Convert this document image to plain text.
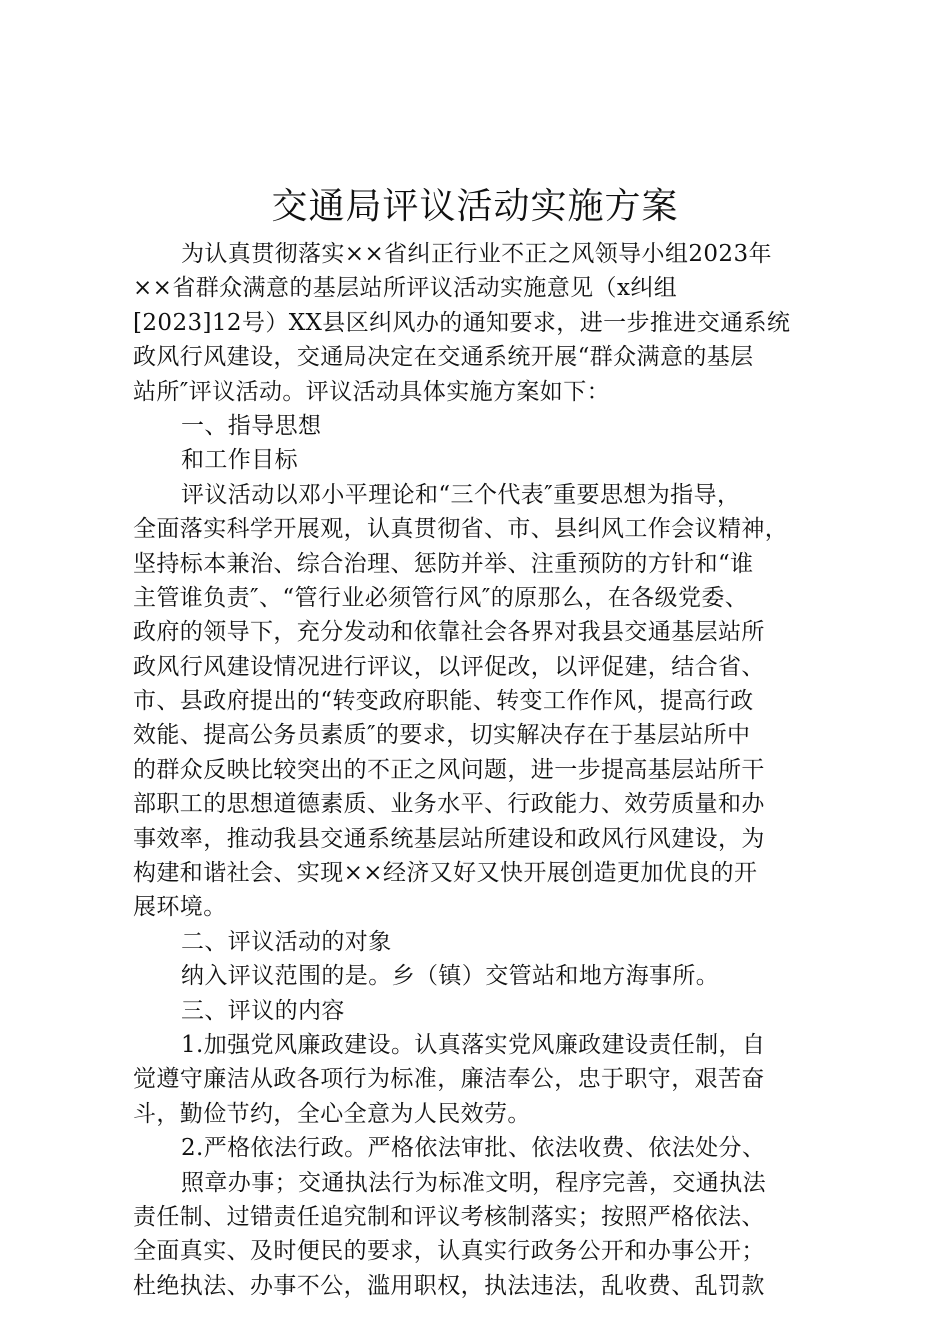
交通局评议活动实施方案
为认真贯彻落实××省纠正行业不正之风领导小组2023年
××省群众满意的基层站所评议活动实施意见（x纠组
[2023]12号）XX县区纠风办的通知要求，进一步推进交通系统
政风行风建设，交通局决定在交通系统开展“群众满意的基层
站所″评议活动。评议活动具体实施方案如下：
一、指导思想
和工作目标
评议活动以邓小平理论和“三个代表″重要思想为指导，
全面落实科学开展观，认真贯彻省、市、县纠风工作会议精神，
坚持标本兼治、综合治理、惩防并举、注重预防的方针和“谁
主管谁负责″、“管行业必须管行风″的原那么，在各级党委、
政府的领导下，充分发动和依靠社会各界对我县交通基层站所
政风行风建设情况进行评议，以评促改，以评促建，结合省、
市、县政府提出的“转变政府职能、转变工作作风，提高行政
效能、提高公务员素质″的要求，切实解决存在于基层站所中
的群众反映比较突出的不正之风问题，进一步提高基层站所干
部职工的思想道德素质、业务水平、行政能力、效劳质量和办
事效率，推动我县交通系统基层站所建设和政风行风建设，为
构建和谐社会、实现××经济又好又快开展创造更加优良的开
展环境。
二、评议活动的对象
纳入评议范围的是。乡（镇）交管站和地方海事所。
三、评议的内容
1.加强党风廉政建设。认真落实党风廉政建设责任制，自
觉遵守廉洁从政各项行为标准，廉洁奉公，忠于职守，艰苦奋
斗，勤俭节约，全心全意为人民效劳。
2.严格依法行政。严格依法审批、依法收费、依法处分、
照章办事；交通执法行为标准文明，程序完善，交通执法
责任制、过错责任追究制和评议考核制落实；按照严格依法、
全面真实、及时便民的要求，认真实行政务公开和办事公开；
杜绝执法、办事不公，滥用职权，执法违法，乱收费、乱罚款
